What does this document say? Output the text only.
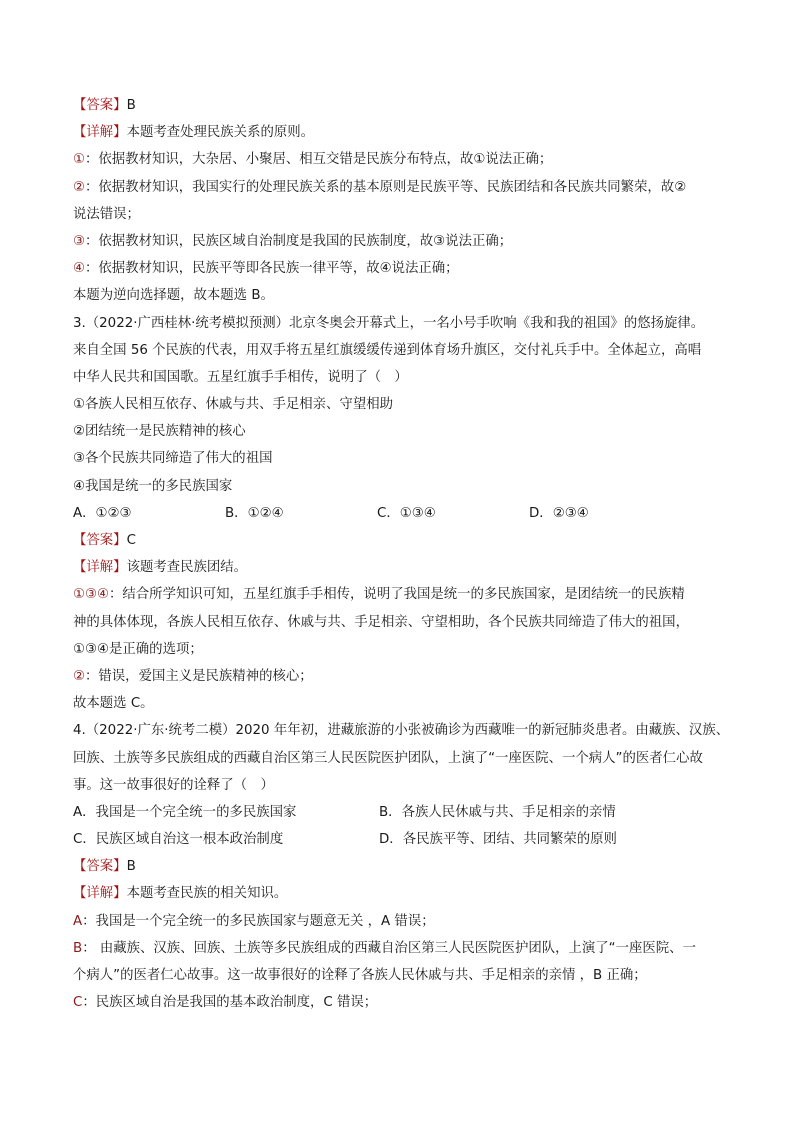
【答案】B
【详解】本题考查处理民族关系的原则。
①：依据教材知识，大杂居、小聚居、相互交错是民族分布特点，故①说法正确；
②：依据教材知识，我国实行的处理民族关系的基本原则是民族平等、民族团结和各民族共同繁荣，故②
说法错误；
③：依据教材知识，民族区域自治制度是我国的民族制度，故③说法正确；
④：依据教材知识，民族平等即各民族一律平等，故④说法正确；
本题为逆向选择题，故本题选 B。
3.（2022·广西桂林·统考模拟预测）北京冬奥会开幕式上，一名小号手吹响《我和我的祖国》的悠扬旋律。
来自全国 56 个民族的代表，用双手将五星红旗缓缓传递到体育场升旗区，交付礼兵手中。全体起立，高唱
中华人民共和国国歌。五星红旗手手相传，说明了（　）
①各族人民相互依存、休戚与共、手足相亲、守望相助
②团结统一是民族精神的核心
③各个民族共同缔造了伟大的祖国
④我国是统一的多民族国家
A．①②③	B．①②④	C．①③④	D．②③④
【答案】C
【详解】该题考查民族团结。
①③④：结合所学知识可知，五星红旗手手相传，说明了我国是统一的多民族国家，是团结统一的民族精
神的具体体现，各族人民相互依存、休戚与共、手足相亲、守望相助，各个民族共同缔造了伟大的祖国，
①③④是正确的选项；
②：错误，爱国主义是民族精神的核心；
故本题选 C。
4.（2022·广东·统考二模）2020 年年初，进藏旅游的小张被确诊为西藏唯一的新冠肺炎患者。由藏族、汉族、
回族、土族等多民族组成的西藏自治区第三人民医院医护团队，上演了“一座医院、一个病人”的医者仁心故
事。这一故事很好的诠释了（　）
A．我国是一个完全统一的多民族国家	B．各族人民休戚与共、手足相亲的亲情
C．民族区域自治这一根本政治制度	D．各民族平等、团结、共同繁荣的原则
【答案】B
【详解】本题考查民族的相关知识。
A：我国是一个完全统一的多民族国家与题意无关 ，A 错误；
B： 由藏族、汉族、回族、土族等多民族组成的西藏自治区第三人民医院医护团队，上演了“一座医院、一
个病人”的医者仁心故事。这一故事很好的诠释了各族人民休戚与共、手足相亲的亲情 ，B 正确；
C：民族区域自治是我国的基本政治制度，C 错误；
